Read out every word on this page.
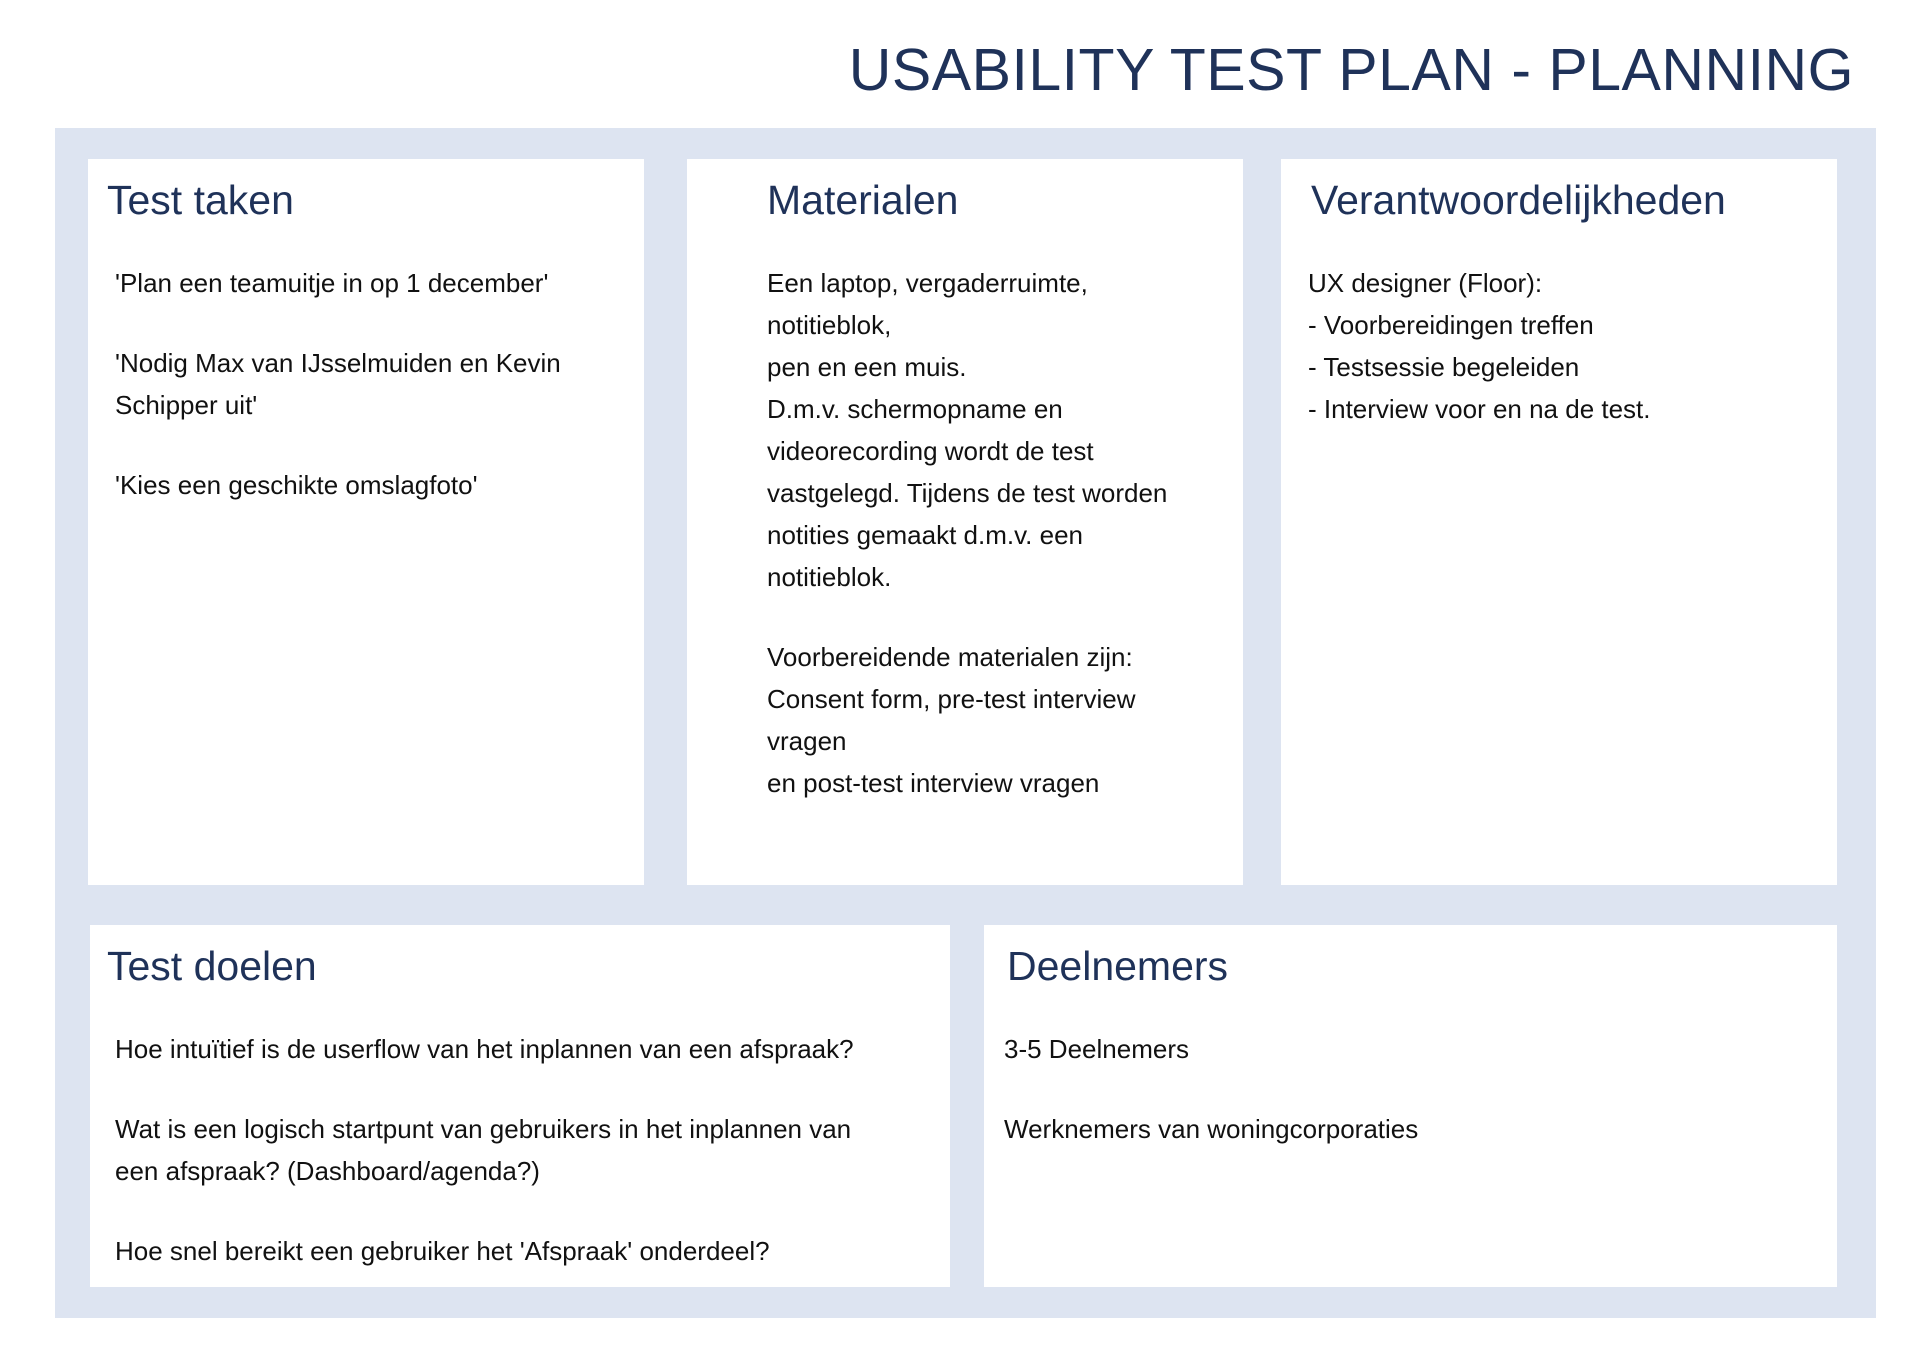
USABILITY TEST PLAN - PLANNING
Test taken

'Plan een teamuitje in op 1 december'

'Nodig Max van IJsselmuiden en Kevin
Schipper uit'

'Kies een geschikte omslagfoto'

Materialen

Een laptop, vergaderruimte, notitieblok,
pen en een muis.
D.m.v. schermopname en
videorecording wordt de test
vastgelegd. Tijdens de test worden
notities gemaakt d.m.v. een notitieblok.

Voorbereidende materialen zijn:
Consent form, pre-test interview vragen
en post-test interview vragen

Verantwoordelijkheden

UX designer (Floor):
- Voorbereidingen treffen
- Testsessie begeleiden
- Interview voor en na de test.

Test doelen

Hoe intuïtief is de userflow van het inplannen van een afspraak?

Wat is een logisch startpunt van gebruikers in het inplannen van
een afspraak? (Dashboard/agenda?)

Hoe snel bereikt een gebruiker het 'Afspraak' onderdeel?

Deelnemers

3-5 Deelnemers

Werknemers van woningcorporaties
